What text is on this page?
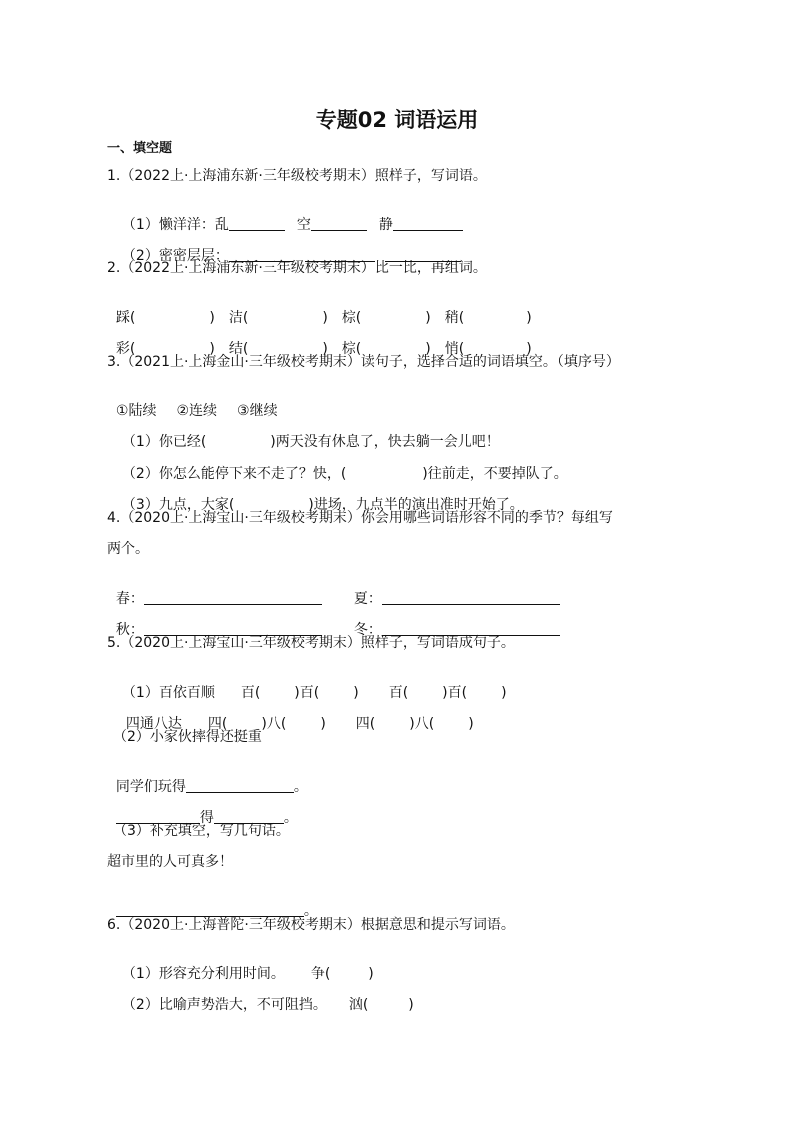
专题02 词语运用
一、填空题
1.（2022上·上海浦东新·三年级校考期末）照样子，写词语。

（1）懒洋洋：乱	空	静

（2）密密层层：

2.（2022上·上海浦东新·三年级校考期末）比一比，再组词。

踩(	) 洁(	) 棕(	) 稍(	)

彩(	) 结(	) 棕(	) 悄(	)

3.（2021上·上海金山·三年级校考期末）读句子，选择合适的词语填空。（填序号）

①陆续 ②连续 ③继续

（1）你已经(	)两天没有休息了，快去躺一会儿吧！

（2）你怎么能停下来不走了？快，(	)往前走，不要掉队了。

（3）九点，大家(	)进场，九点半的演出准时开始了。

4.（2020上·上海宝山·三年级校考期末）你会用哪些词语形容不同的季节？每组写
两个。

春：	夏：

秋：	冬：

5.（2020上·上海宝山·三年级校考期末）照样子，写词语成句子。

（1）百依百顺 百( )百( ) 百( )百( )

四通八达 四( )八( ) 四( )八( )

（2）小家伙摔得还挺重

同学们玩得	。

得	。

（3）补充填空，写几句话。
超市里的人可真多！

。

6.（2020上·上海普陀·三年级校考期末）根据意思和提示写词语。

（1）形容充分利用时间。 争(	)

（2）比喻声势浩大，不可阻挡。 汹(	)
